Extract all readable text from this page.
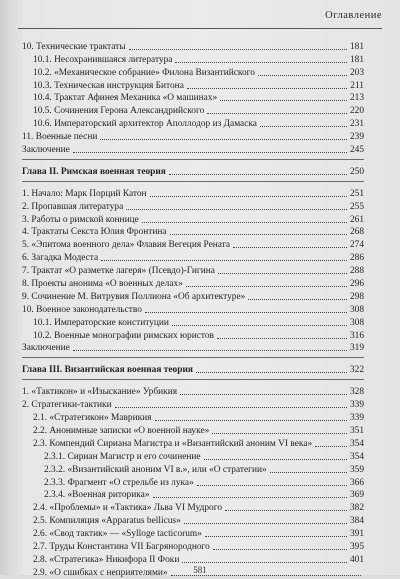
Оглавление
10. Технические трактаты	181
10.1. Несохранившаяся литература	181
10.2. «Механическое собрание» Филона Византийского	203
10.3. Техническая инструкция Битона	211
10.4. Трактат Афинея Механика «О машинах»	213
10.5. Сочинения Герона Александрийского	220
10.6. Императорский архитектор Аполлодор из Дамаска	231
11. Военные песни	239
Заключение	245
Глава II. Римская военная теория	250
1. Начало: Марк Порций Катон	251
2. Пропавшая литература	255
3. Работы о римской коннице	261
4. Трактаты Секста Юлия Фронтина	268
5. «Эпитома военного дела» Флавия Вегеция Рената	274
6. Загадка Модеста	286
7. Трактат «О разметке лагеря» (Псевдо)-Гигина	288
8. Проекты анонима «О военных делах»	296
9. Сочинение М. Витрувия Поллиона «Об архитектуре»	298
10. Военное законодательство	308
10.1. Императорские конституции	308
10.2. Военные монографии римских юристов	316
Заключение	319
Глава III. Византийская военная теория	322
1. «Тактикон» и «Изыскание» Урбикия	328
2. Стратегики-тактики	339
2.1. «Стратегикон» Маврикия	339
2.2. Анонимные записки «О военной науке»	351
2.3. Компендий Сириана Магистра и «Византийский аноним VI века»	354
2.3.1. Сириан Магистр и его сочинение	354
2.3.2. «Византийский аноним VI в.», или «О стратегии»	359
2.3.3. Фрагмент «О стрельбе из лука»	366
2.3.4. «Военная риторика»	369
2.4. «Проблемы» и «Тактика» Льва VI Мудрого	382
2.5. Компиляция «Apparatus bellicus»	384
2.6. «Свод тактик» — «Sylloge tacticorum»	391
2.7. Труды Константина VII Багрянородного	395
2.8. «Стратегика» Никифора II Фоки	401
2.9. «О сшибках с неприятелями»	581
